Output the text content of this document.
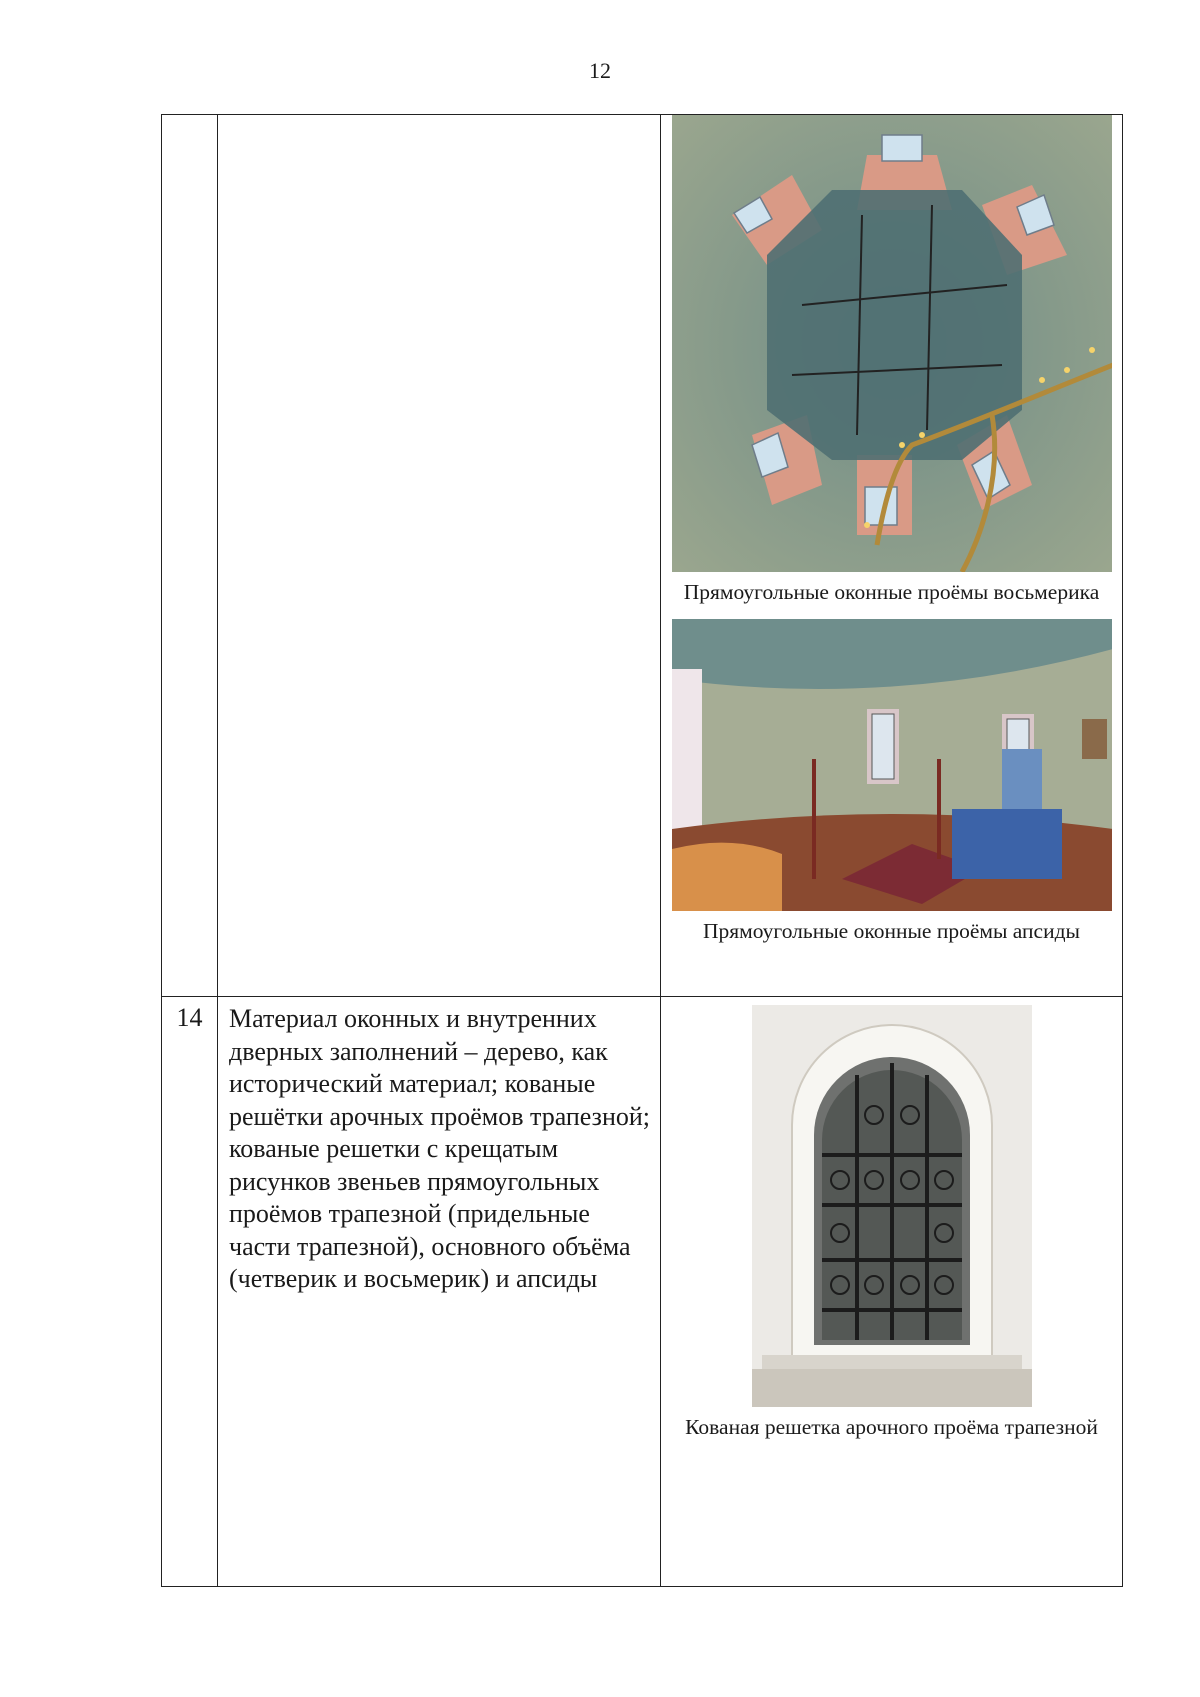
12

		Прямоугольные оконные проёмы восьмерика
Прямоугольные оконные проёмы апсиды

14	Материал оконных и внутренних дверных заполнений – дерево, как исторический материал; кованые решётки арочных проёмов трапезной; кованые решетки с крещатым рисунков звеньев прямоугольных проёмов трапезной (придельные части трапезной), основного объёма (четверик и восьмерик) и апсиды	Кованая решетка арочного проёма трапезной
